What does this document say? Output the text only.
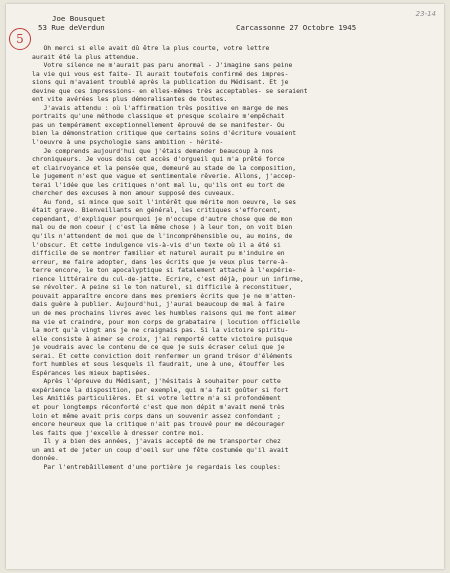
23-14
5
Joe Bousquet
53 Rue deVerdun	Carcassonne 27 Octobre 1945
Oh merci si elle avait dû être la plus courte, votre lettre
aurait été la plus attendue.
Votre silence ne m'aurait pas paru anormal - J'imagine sans peine
la vie qui vous est faite- Il aurait toutefois confirmé des impres-
sions qui m'avaient troublé après la publication du Médisant. Et je
devine que ces impressions- en elles-mêmes très acceptables- se seraient
ent vite avérées les plus démoralisantes de toutes.
J'avais attendu : où l'affirmation très positive en marge de mes
portraits qu'une méthode classique et presque scolaire m'empêchait
pas un tempérament exceptionnellement éprouvé de se manifester- Ou
bien la démonstration critique que certains soins d'écriture vouaient
l'oeuvre à une psychologie sans ambition - hérité-
Je comprends aujourd'hui que j'étais demander beaucoup à nos
chroniqueurs. Je vous dois cet accès d'orgueil qui m'a prêté force
et clairvoyance et la pensée que, demeuré au stade de la composition,
le jugement n'est que vague et sentimentale rêverie. Allons, j'accep-
terai l'idée que les critiques n'ont mal lu, qu'ils ont eu tort de
chercher des excuses à mon amour supposé des cuveaux.
Au fond, si mince que soit l'intérêt que mérite mon oeuvre, le ses
était grave. Bienveillants en général, les critiques s'efforcent,
cependant, d'expliquer pourquoi je m'occupe d'autre chose que de mon
mal ou de mon coeur ( c'est la même chose ) à leur ton, on voit bien
qu'ils n'attendent de moi que de l'incompréhensible ou, au moins, de
l'obscur. Et cette indulgence vis-à-vis d'un texte où il a été si
difficile de se montrer familier et naturel aurait pu m'induire en
erreur, me faire adopter, dans les écrits que je veux plus terre-à-
terre encore, le ton apocalyptique si fatalement attaché à l'expérie-
rience littéraire du cul-de-jatte. Ecrire, c'est déjà, pour un infirme,
se révolter. A peine si le ton naturel, si difficile à reconstituer,
pouvait apparaître encore dans mes premiers écrits que je ne m'atten-
dais guère à publier. Aujourd'hui, j'aurai beaucoup de mal à faire
un de mes prochains livres avec les humbles raisons qui me font aimer
ma vie et craindre, pour mon corps de grabataire ( locution officielle
la mort qu'à vingt ans je ne craignais pas. Si la victoire spiritu-
elle consiste à aimer se croix, j'ai remporté cette victoire puisque
je voudrais avec le contenu de ce que je suis écraser celui que je
serai. Et cette conviction doit renfermer un grand trésor d'éléments
fort humbles et sous lesquels il faudrait, une à une, étouffer les
Espérances les mieux baptisées.
Après l'épreuve du Médisant, j'hésitais à souhaiter pour cette
expérience la disposition, par exemple, qui m'a fait goûter si fort
les Amitiés particulières. Et si votre lettre m'a si profondément
et pour longtemps réconforté c'est que mon dépit m'avait mené très
loin et même avait pris corps dans un souvenir assez confondant ;
encore heureux que la critique n'ait pas trouvé pour me décourager
les faits que j'excelle à dresser contre moi.
Il y a bien des années, j'avais accepté de me transporter chez
un ami et de jeter un coup d'oeil sur une fête costumée qu'il avait
donnée.
Par l'entrebâillement d'une portière je regardais les couples:
